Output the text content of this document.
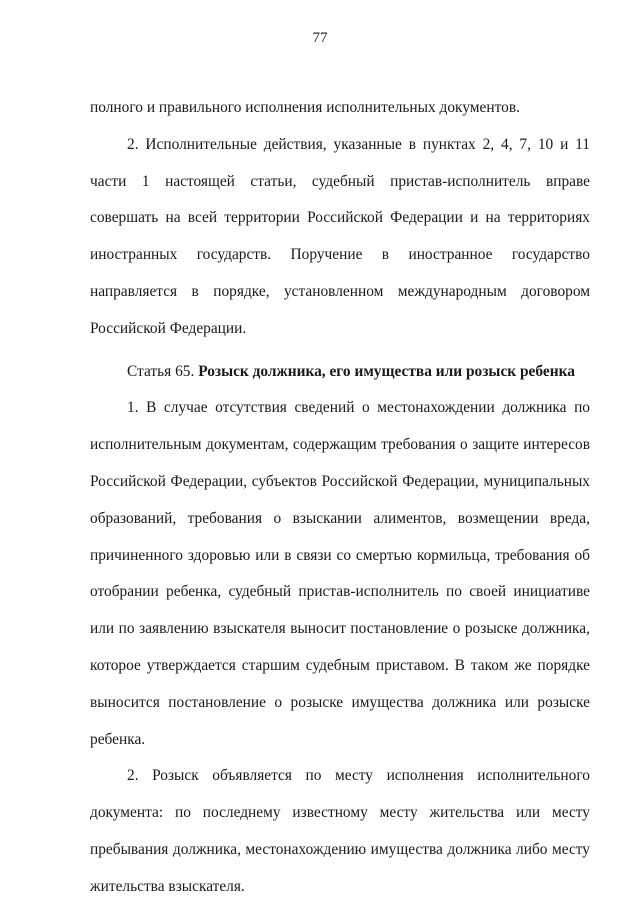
77

полного и правильного исполнения исполнительных документов.

2. Исполнительные действия, указанные в пунктах 2, 4, 7, 10 и 11 части 1 настоящей статьи, судебный пристав-исполнитель вправе совершать на всей территории Российской Федерации и на территориях иностранных государств. Поручение в иностранное государство направляется в порядке, установленном международным договором Российской Федерации.

Статья 65. Розыск должника, его имущества или розыск ребенка

1. В случае отсутствия сведений о местонахождении должника по исполнительным документам, содержащим требования о защите интересов Российской Федерации, субъектов Российской Федерации, муниципальных образований, требования о взыскании алиментов, возмещении вреда, причиненного здоровью или в связи со смертью кормильца, требования об отобрании ребенка, судебный пристав-исполнитель по своей инициативе или по заявлению взыскателя выносит постановление о розыске должника, которое утверждается старшим судебным приставом. В таком же порядке выносится постановление о розыске имущества должника или розыске ребенка.

2. Розыск объявляется по месту исполнения исполнительного документа: по последнему известному месту жительства или месту пребывания должника, местонахождению имущества должника либо месту жительства взыскателя.
